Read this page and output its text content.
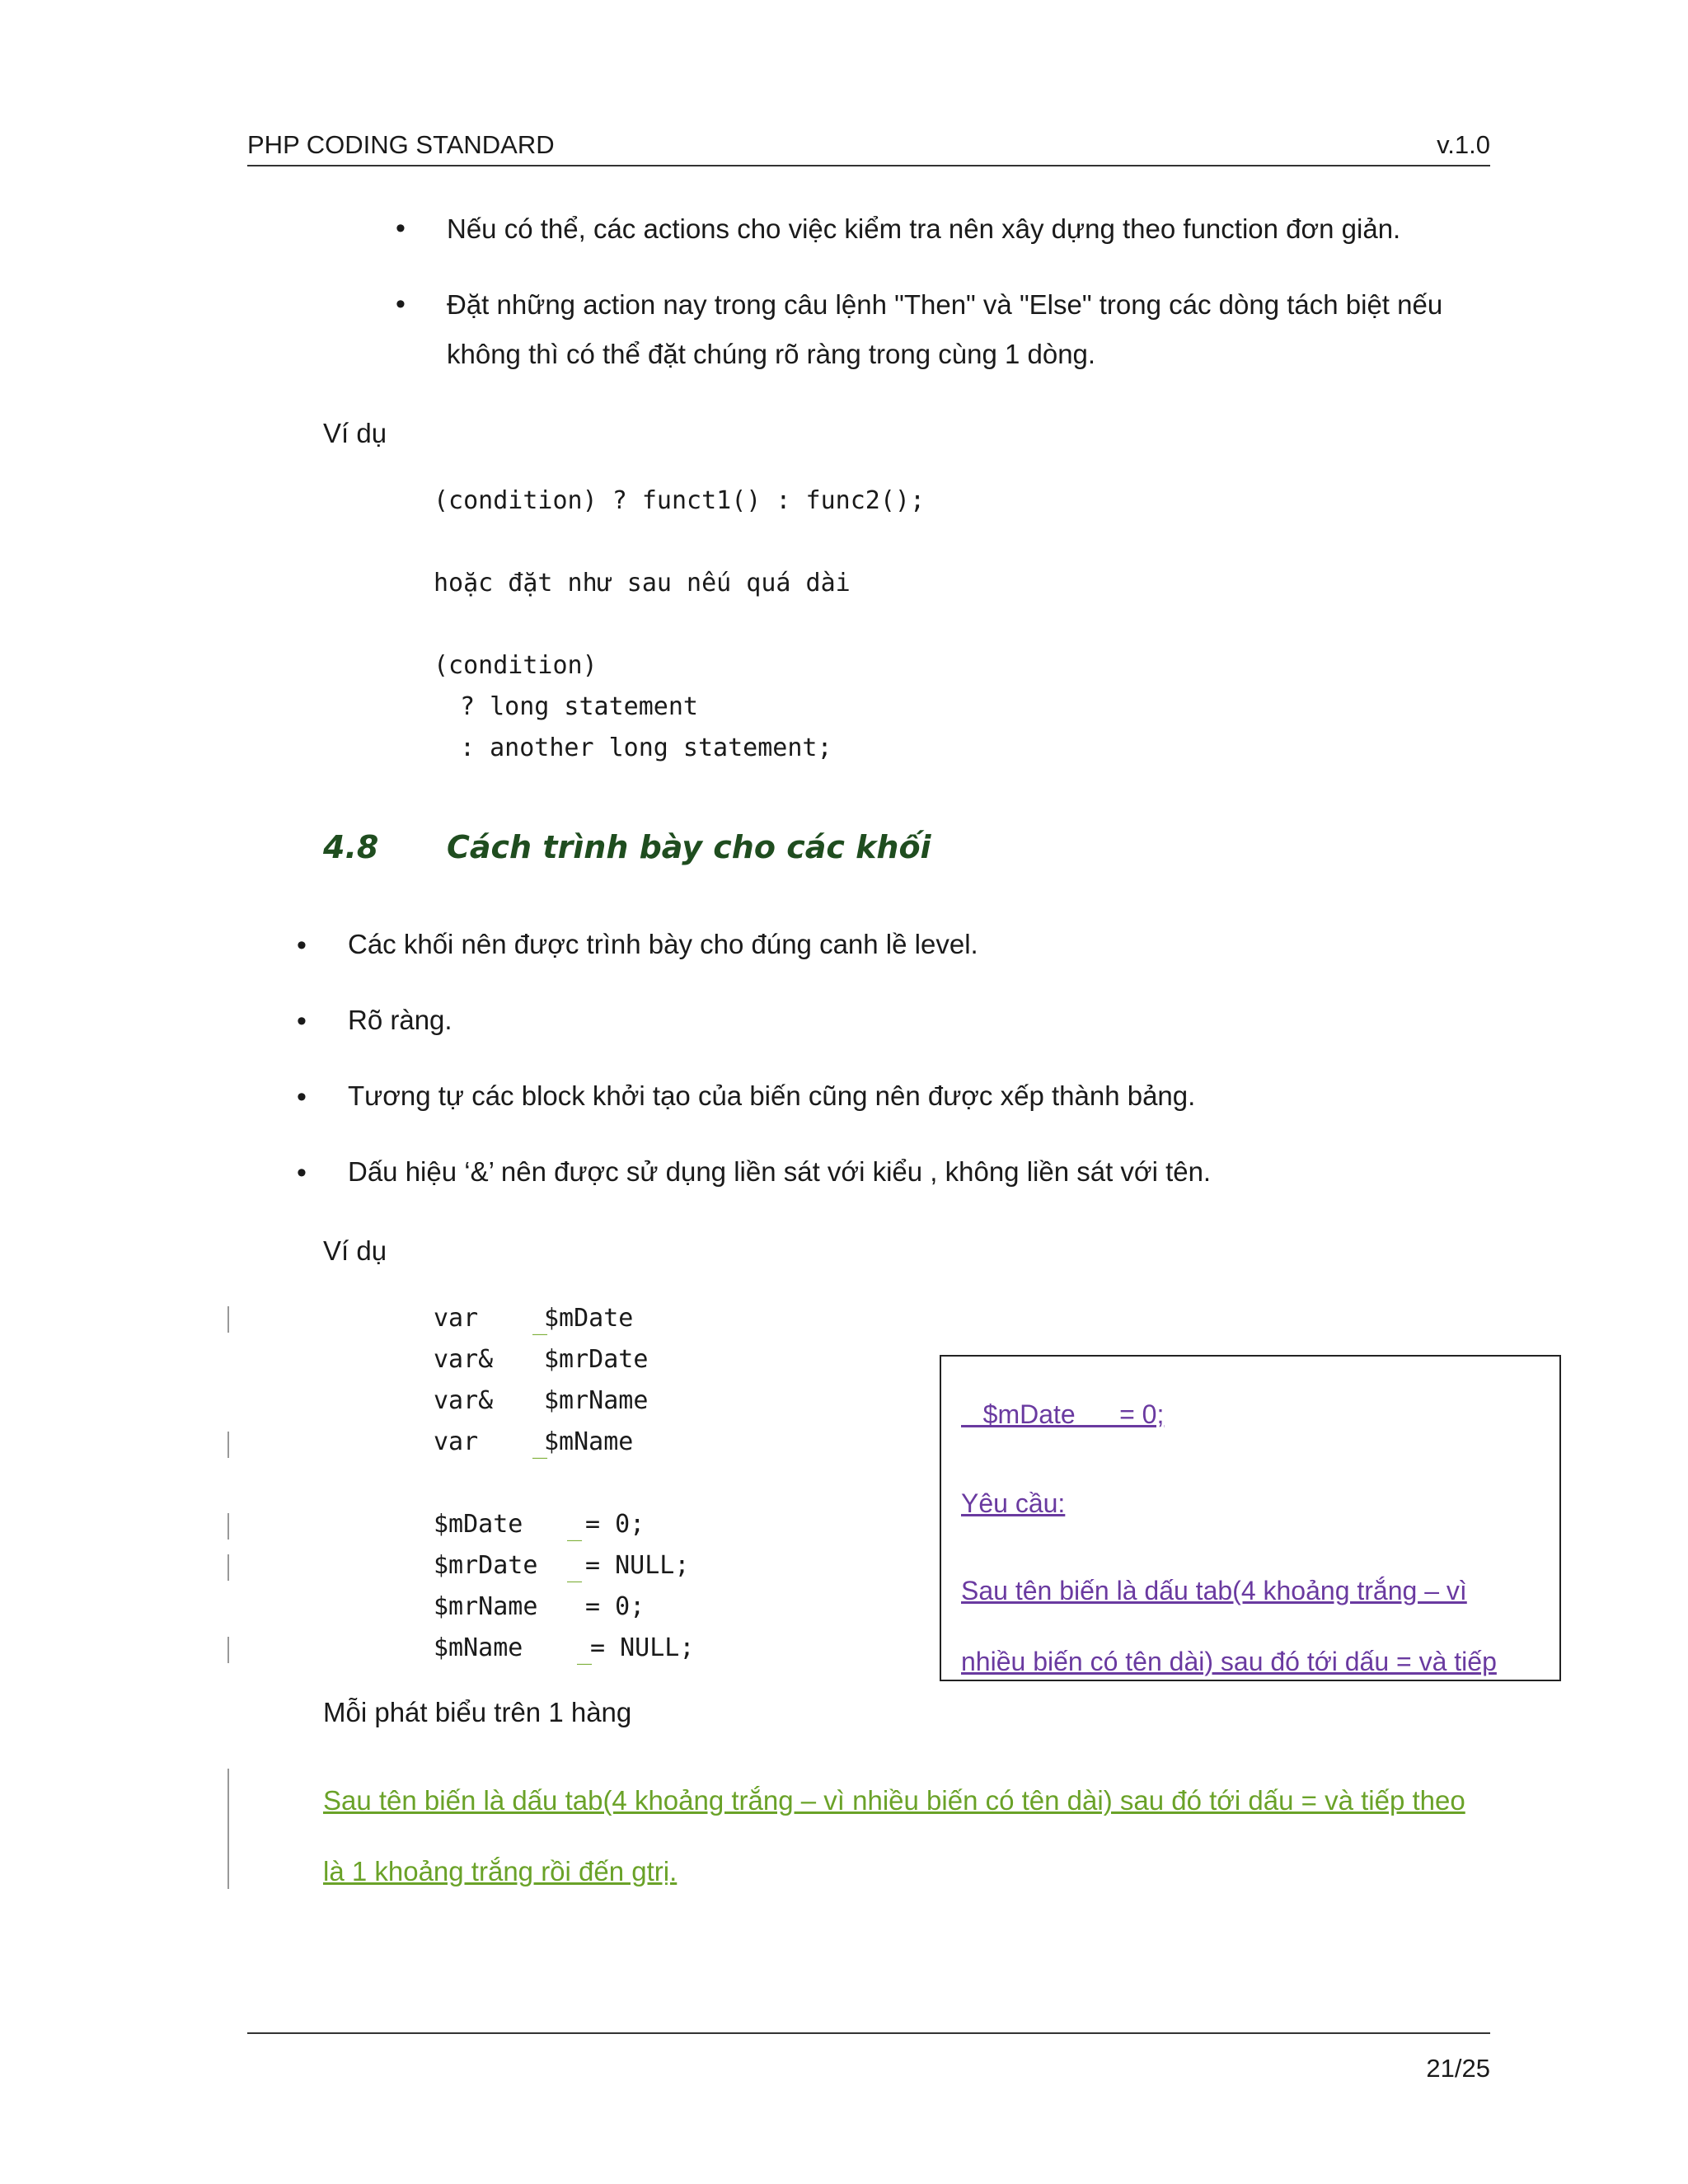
PHP CODING STANDARD	v.1.0
• Nếu có thể, các actions cho việc kiểm tra nên xây dựng theo function đơn giản.
• Đặt những action nay trong câu lệnh "Then" và "Else" trong các dòng tách biệt nếu
không thì có thể đặt chúng rõ ràng trong cùng 1 dòng.
Ví dụ
(condition) ? funct1() : func2();
hoặc đặt như sau nếu quá dài
(condition)
? long statement
: another long statement;
4.8 Cách trình bày cho các khối
• Các khối nên được trình bày cho đúng canh lề level.
• Rõ ràng.
• Tương tự các block khởi tạo của biến cũng nên được xếp thành bảng.
• Dấu hiệu ‘&’ nên được sử dụng liền sát với kiểu , không liền sát với tên.
Ví dụ
var _
$mDate
var& $mrDate
var& $mrName
var _
$mName
$mDate _ = 0;
$mrDate _ = NULL;
$mrName = 0;
$mName _
= NULL;
$mDate      = 0;
Yêu cầu:
Sau tên biến là dấu tab(4 khoảng trắng – vì
nhiều biến có tên dài) sau đó tới dấu = và tiếp
Mỗi phát biểu trên 1 hàng
Sau tên biến là dấu tab(4 khoảng trắng – vì nhiều biến có tên dài) sau đó tới dấu = và tiếp theo
là 1 khoảng trắng rồi đến gtrị.
21/25
